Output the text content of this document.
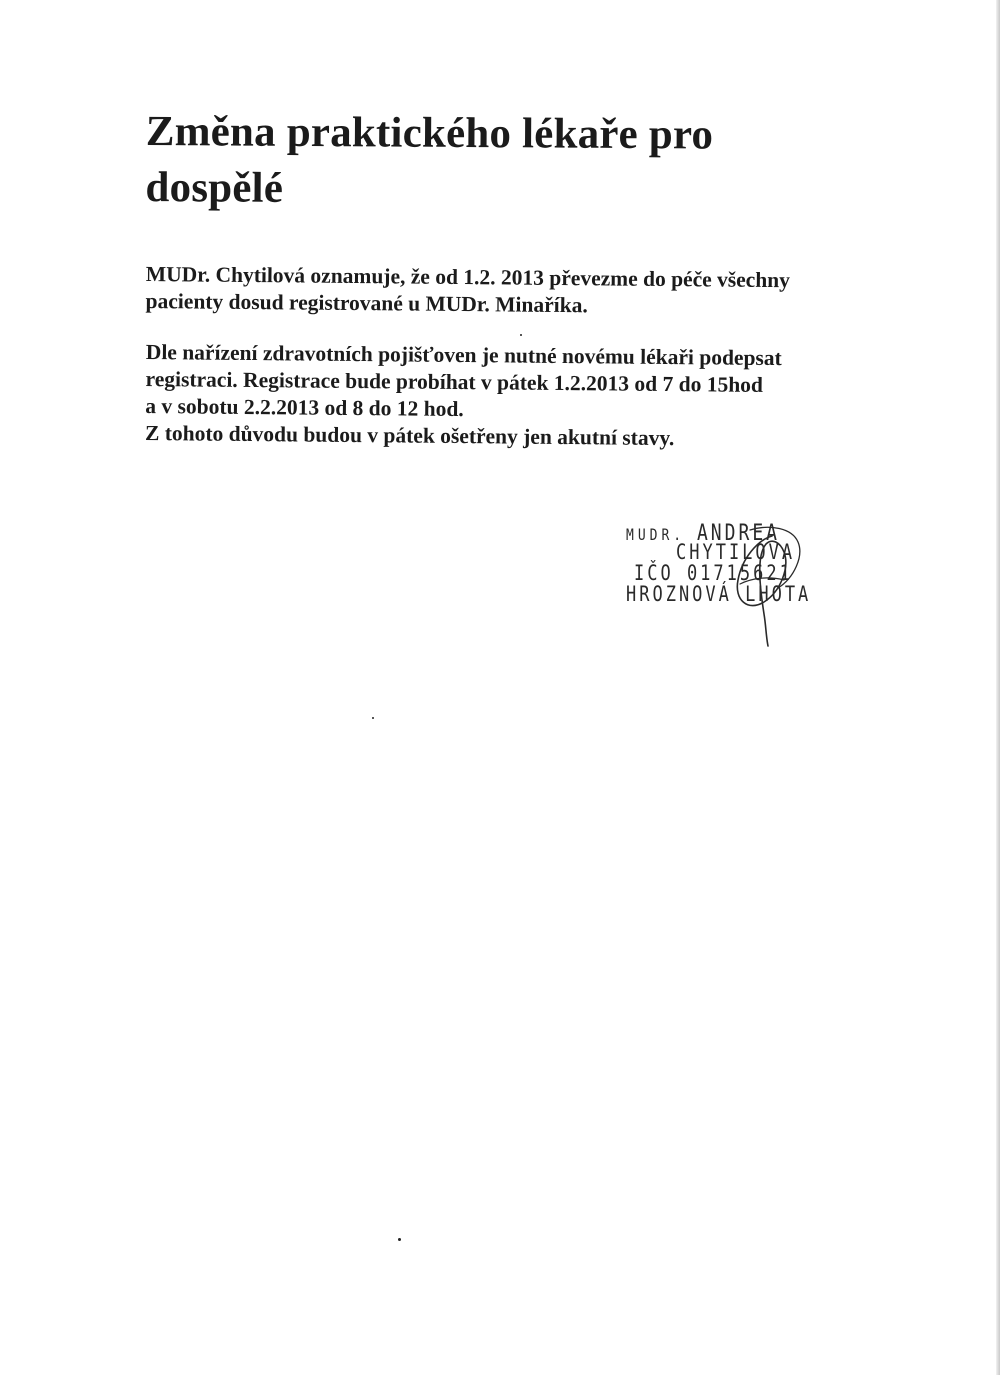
Změna praktického lékaře pro
dospělé

MUDr. Chytilová oznamuje, že od 1.2. 2013 převezme do péče všechny
pacienty dosud registrované u MUDr. Minaříka.

Dle nařízení zdravotních pojišťoven je nutné novému lékaři podepsat
registraci. Registrace bude probíhat v pátek 1.2.2013 od 7 do 15hod
a v sobotu 2.2.2013 od 8 do 12 hod.
Z tohoto důvodu budou v pátek ošetřeny jen akutní stavy.

MUDR. ANDREA
CHYTILOVA
IČO 01715621
HROZNOVÁ LHOTA
